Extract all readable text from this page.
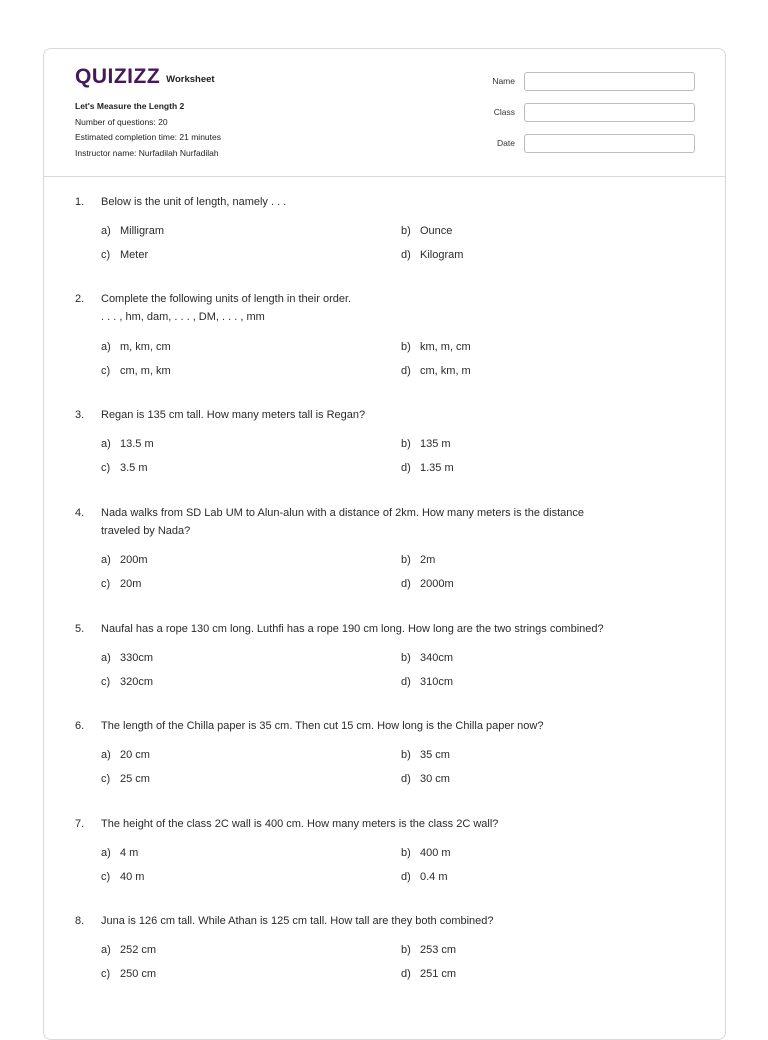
QUIZIZZ Worksheet
Let's Measure the Length 2
Number of questions: 20
Estimated completion time: 21 minutes
Instructor name: Nurfadilah Nurfadilah
Name
Class
Date
1.	Below is the unit of length, namely . . .
a) Milligram	b) Ounce
c) Meter	d) Kilogram
2.	Complete the following units of length in their order.
. . . , hm, dam, . . . , DM, . . . , mm
a) m, km, cm	b) km, m, cm
c) cm, m, km	d) cm, km, m
3.	Regan is 135 cm tall. How many meters tall is Regan?
a) 13.5 m	b) 135 m
c) 3.5 m	d) 1.35 m
4.	Nada walks from SD Lab UM to Alun-alun with a distance of 2km. How many meters is the distance
traveled by Nada?
a) 200m	b) 2m
c) 20m	d) 2000m
5.	Naufal has a rope 130 cm long. Luthfi has a rope 190 cm long. How long are the two strings combined?
a) 330cm	b) 340cm
c) 320cm	d) 310cm
6.	The length of the Chilla paper is 35 cm. Then cut 15 cm. How long is the Chilla paper now?
a) 20 cm	b) 35 cm
c) 25 cm	d) 30 cm
7.	The height of the class 2C wall is 400 cm. How many meters is the class 2C wall?
a) 4 m	b) 400 m
c) 40 m	d) 0.4 m
8.	Juna is 126 cm tall. While Athan is 125 cm tall. How tall are they both combined?
a) 252 cm	b) 253 cm
c) 250 cm	d) 251 cm
